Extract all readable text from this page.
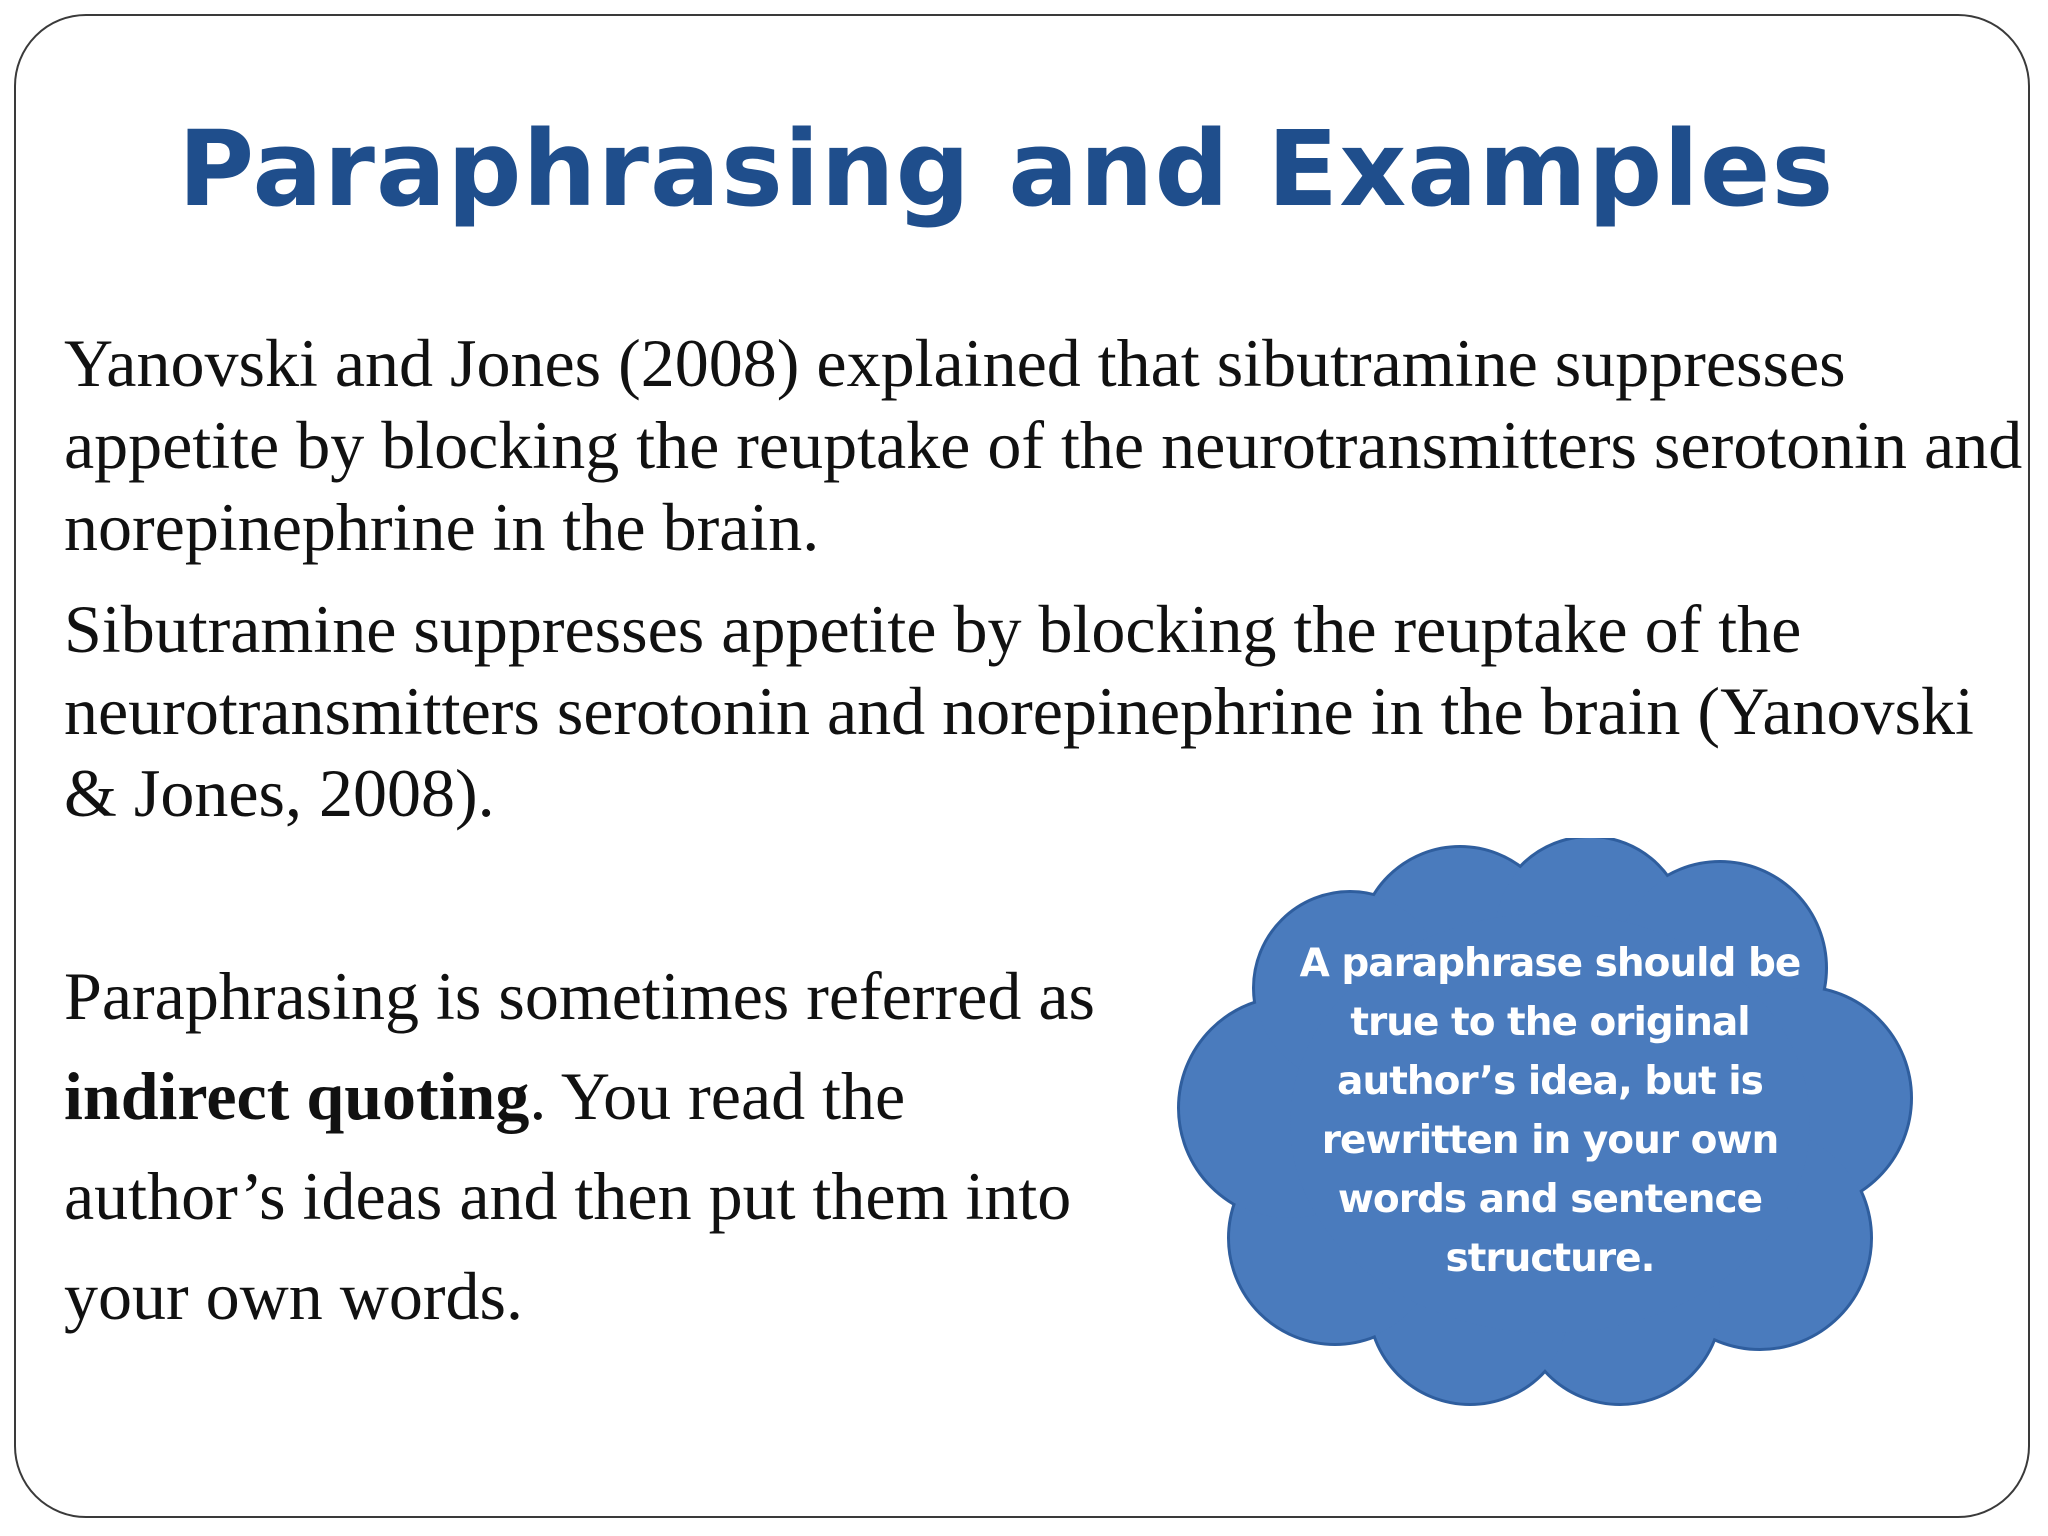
Paraphrasing and Examples

Yanovski and Jones (2008) explained that sibutramine suppresses appetite by blocking the reuptake of the neurotransmitters serotonin and norepinephrine in the brain.

Sibutramine suppresses appetite by blocking the reuptake of the neurotransmitters serotonin and norepinephrine in the brain (Yanovski & Jones, 2008).

Paraphrasing is sometimes referred as indirect quoting. You read the author’s ideas and then put them into your own words.

A paraphrase should be true to the original author’s idea, but is rewritten in your own words and sentence structure.
